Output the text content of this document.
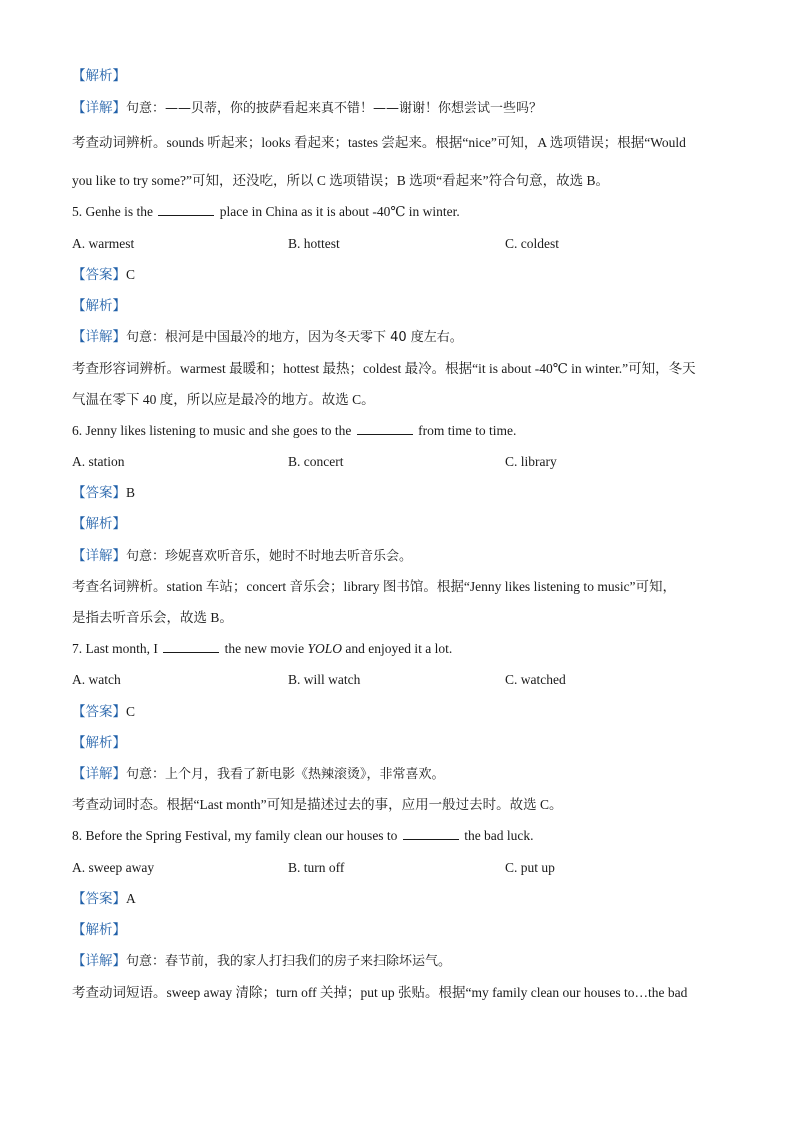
【解析】
【详解】句意：——贝蒂，你的披萨看起来真不错！——谢谢！你想尝试一些吗？
考查动词辨析。sounds 听起来；looks 看起来；tastes 尝起来。根据“nice”可知，A 选项错误；根据“Would
you like to try some?”可知，还没吃，所以 C 选项错误；B 选项“看起来”符合句意，故选 B。
5. Genhe is the	place in China as it is about -40℃ in winter.
A. warmest	B. hottest	C. coldest
【答案】C
【解析】
【详解】句意：根河是中国最冷的地方，因为冬天零下 40 度左右。
考查形容词辨析。warmest 最暖和；hottest 最热；coldest 最冷。根据“it is about -40℃ in winter.”可知，冬天
气温在零下 40 度，所以应是最冷的地方。故选 C。
6. Jenny likes listening to music and she goes to the	from time to time.
A. station	B. concert	C. library
【答案】B
【解析】
【详解】句意：珍妮喜欢听音乐，她时不时地去听音乐会。
考查名词辨析。station 车站；concert 音乐会；library 图书馆。根据“Jenny likes listening to music”可知，
是指去听音乐会，故选 B。
7. Last month, I	the new movie YOLO and enjoyed it a lot.
A. watch	B. will watch	C. watched
【答案】C
【解析】
【详解】句意：上个月，我看了新电影《热辣滚烫》，非常喜欢。
考查动词时态。根据“Last month”可知是描述过去的事，应用一般过去时。故选 C。
8. Before the Spring Festival, my family clean our houses to	the bad luck.
A. sweep away	B. turn off	C. put up
【答案】A
【解析】
【详解】句意：春节前，我的家人打扫我们的房子来扫除坏运气。
考查动词短语。sweep away 清除；turn off 关掉；put up 张贴。根据“my family clean our houses to…the bad
